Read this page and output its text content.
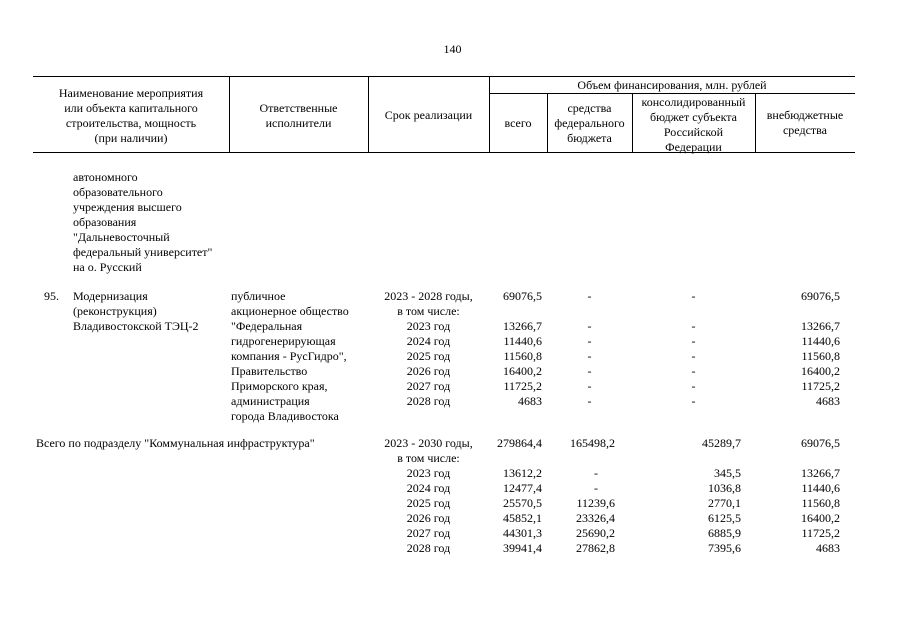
140
Наименование мероприятия
или объекта капитального
строительства, мощность
(при наличии)
Ответственные
исполнители
Срок реализации
Объем финансирования, млн. рублей
всего
средства
федерального
бюджета
консолидированный
бюджет субъекта
Российской
Федерации
внебюджетные
средства
автономного
образовательного
учреждения высшего
образования
"Дальневосточный
федеральный университет"
на о. Русский
95. Модернизация
(реконструкция)
Владивостокской ТЭЦ-2
публичное
акционерное общество
"Федеральная
гидрогенерирующая
компания - РусГидро",
Правительство
Приморского края,
администрация
города Владивостока
2023 - 2028 годы,
в том числе:
2023 год
2024 год
2025 год
2026 год
2027 год
2028 год
69076,5
13266,7
11440,6
11560,8
16400,2
11725,2
4683
-
-
-
-
-
-
-
-
-
-
-
-
-
-
69076,5
13266,7
11440,6
11560,8
16400,2
11725,2
4683
Всего по подразделу "Коммунальная инфраструктура"	2023 - 2030 годы,
в том числе:
2023 год
2024 год
2025 год
2026 год
2027 год
2028 год
279864,4
13612,2
12477,4
25570,5
45852,1
44301,3
39941,4
165498,2
-
-
11239,6
23326,4
25690,2
27862,8
45289,7
345,5
1036,8
2770,1
6125,5
6885,9
7395,6
69076,5
13266,7
11440,6
11560,8
16400,2
11725,2
4683
